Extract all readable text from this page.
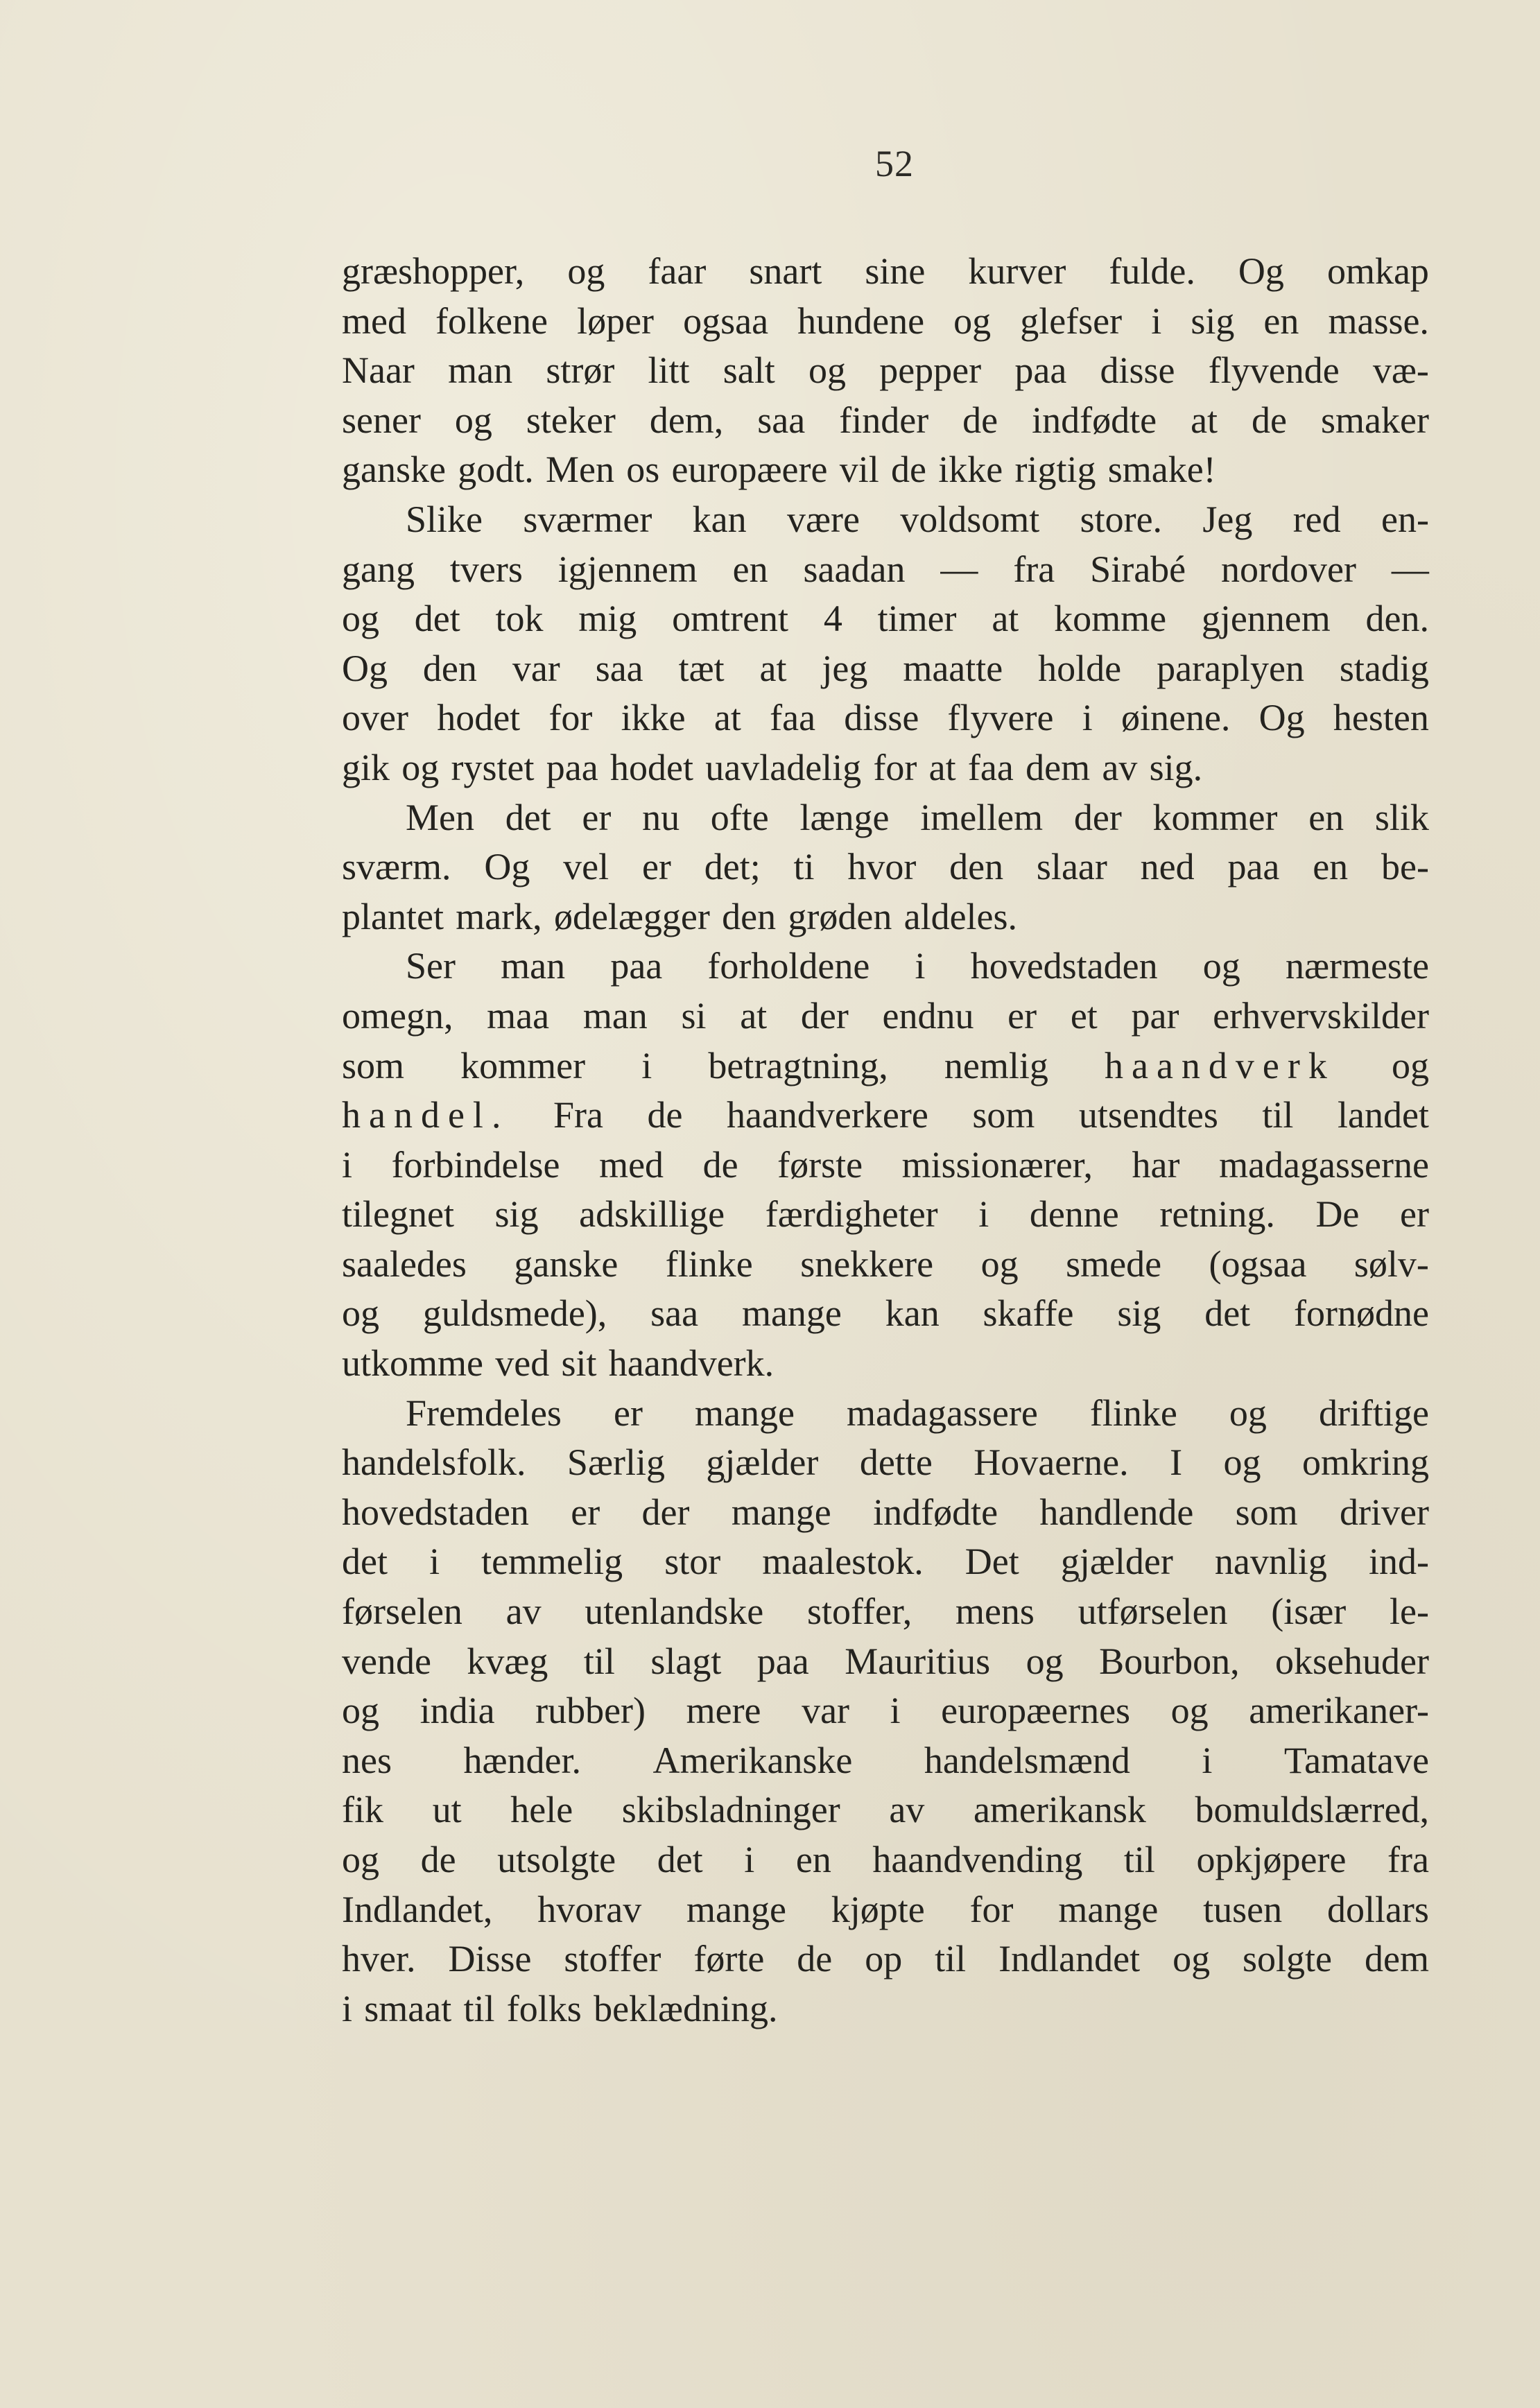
52
græshopper, og faar snart sine kurver fulde. Og omkap
med folkene løper ogsaa hundene og glefser i sig en masse.
Naar man strør litt salt og pepper paa disse flyvende væ-
sener og steker dem, saa finder de indfødte at de smaker
ganske godt. Men os europæere vil de ikke rigtig smake!
Slike sværmer kan være voldsomt store. Jeg red en-
gang tvers igjennem en saadan — fra Sirabé nordover —
og det tok mig omtrent 4 timer at komme gjennem den.
Og den var saa tæt at jeg maatte holde paraplyen stadig
over hodet for ikke at faa disse flyvere i øinene. Og hesten
gik og rystet paa hodet uavladelig for at faa dem av sig.
Men det er nu ofte længe imellem der kommer en slik
sværm. Og vel er det; ti hvor den slaar ned paa en be-
plantet mark, ødelægger den grøden aldeles.
Ser man paa forholdene i hovedstaden og nærmeste
omegn, maa man si at der endnu er et par erhvervskilder
som kommer i betragtning, nemlig haandverk og
handel. Fra de haandverkere som utsendtes til landet
i forbindelse med de første missionærer, har madagasserne
tilegnet sig adskillige færdigheter i denne retning. De er
saaledes ganske flinke snekkere og smede (ogsaa sølv-
og guldsmede), saa mange kan skaffe sig det fornødne
utkomme ved sit haandverk.
Fremdeles er mange madagassere flinke og driftige
handelsfolk. Særlig gjælder dette Hovaerne. I og omkring
hovedstaden er der mange indfødte handlende som driver
det i temmelig stor maalestok. Det gjælder navnlig ind-
førselen av utenlandske stoffer, mens utførselen (især le-
vende kvæg til slagt paa Mauritius og Bourbon, oksehuder
og india rubber) mere var i europæernes og amerikaner-
nes hænder. Amerikanske handelsmænd i Tamatave
fik ut hele skibsladninger av amerikansk bomuldslærred,
og de utsolgte det i en haandvending til opkjøpere fra
Indlandet, hvorav mange kjøpte for mange tusen dollars
hver. Disse stoffer førte de op til Indlandet og solgte dem
i smaat til folks beklædning.
